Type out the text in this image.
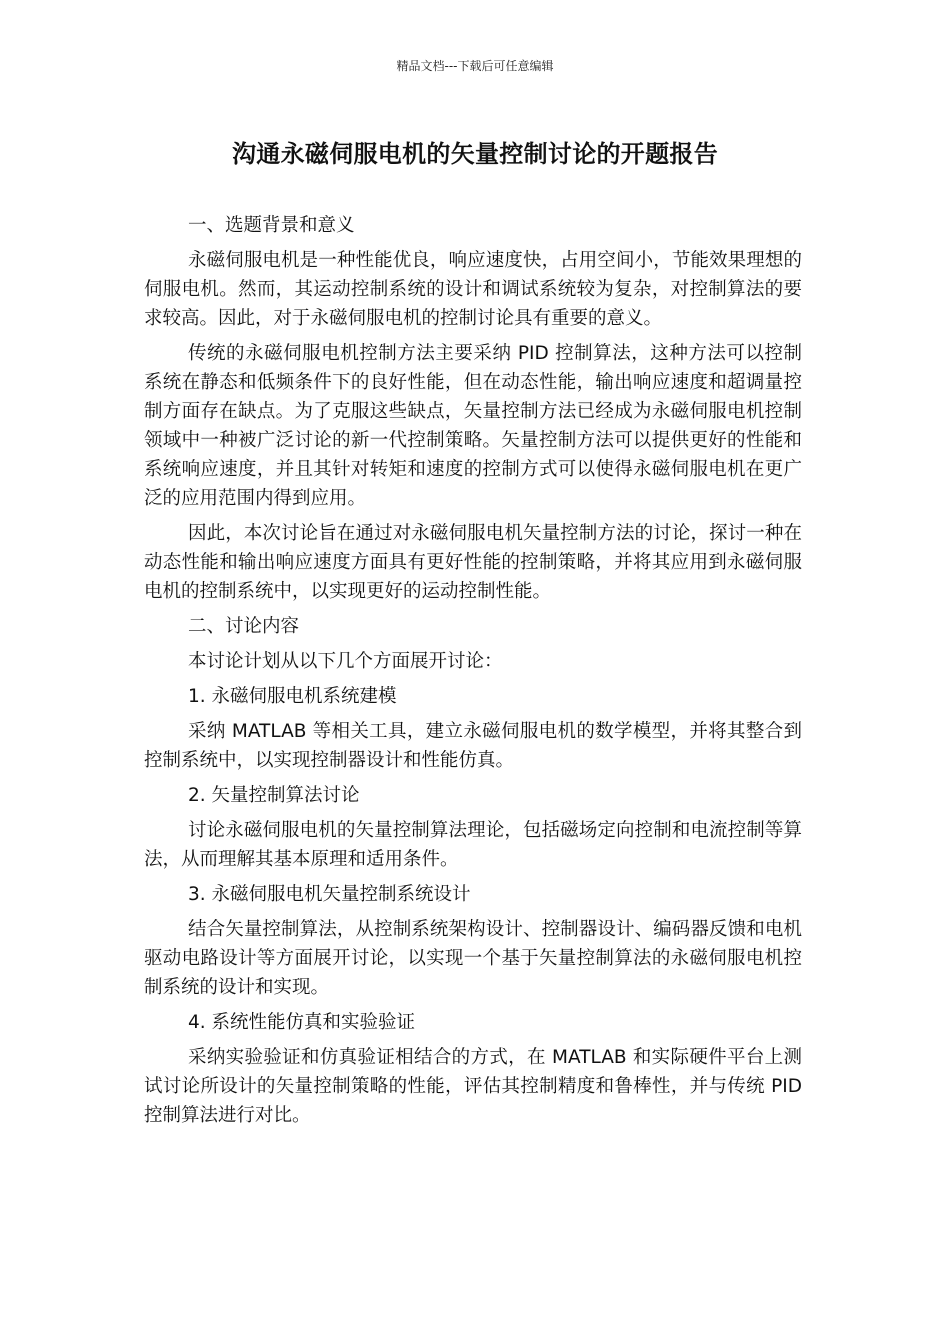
精品文档---下载后可任意编辑
沟通永磁伺服电机的矢量控制讨论的开题报告

一、选题背景和意义

永磁伺服电机是一种性能优良，响应速度快，占用空间小，节能效果理想的伺服电机。然而，其运动控制系统的设计和调试系统较为复杂，对控制算法的要求较高。因此，对于永磁伺服电机的控制讨论具有重要的意义。

传统的永磁伺服电机控制方法主要采纳 PID 控制算法，这种方法可以控制系统在静态和低频条件下的良好性能，但在动态性能，输出响应速度和超调量控制方面存在缺点。为了克服这些缺点，矢量控制方法已经成为永磁伺服电机控制领域中一种被广泛讨论的新一代控制策略。矢量控制方法可以提供更好的性能和系统响应速度，并且其针对转矩和速度的控制方式可以使得永磁伺服电机在更广泛的应用范围内得到应用。

因此，本次讨论旨在通过对永磁伺服电机矢量控制方法的讨论，探讨一种在动态性能和输出响应速度方面具有更好性能的控制策略，并将其应用到永磁伺服电机的控制系统中，以实现更好的运动控制性能。

二、讨论内容

本讨论计划从以下几个方面展开讨论：

1. 永磁伺服电机系统建模

采纳 MATLAB 等相关工具，建立永磁伺服电机的数学模型，并将其整合到控制系统中，以实现控制器设计和性能仿真。

2. 矢量控制算法讨论

讨论永磁伺服电机的矢量控制算法理论，包括磁场定向控制和电流控制等算法，从而理解其基本原理和适用条件。

3. 永磁伺服电机矢量控制系统设计

结合矢量控制算法，从控制系统架构设计、控制器设计、编码器反馈和电机驱动电路设计等方面展开讨论，以实现一个基于矢量控制算法的永磁伺服电机控制系统的设计和实现。

4. 系统性能仿真和实验验证

采纳实验验证和仿真验证相结合的方式，在 MATLAB 和实际硬件平台上测试讨论所设计的矢量控制策略的性能，评估其控制精度和鲁棒性，并与传统 PID 控制算法进行对比。
